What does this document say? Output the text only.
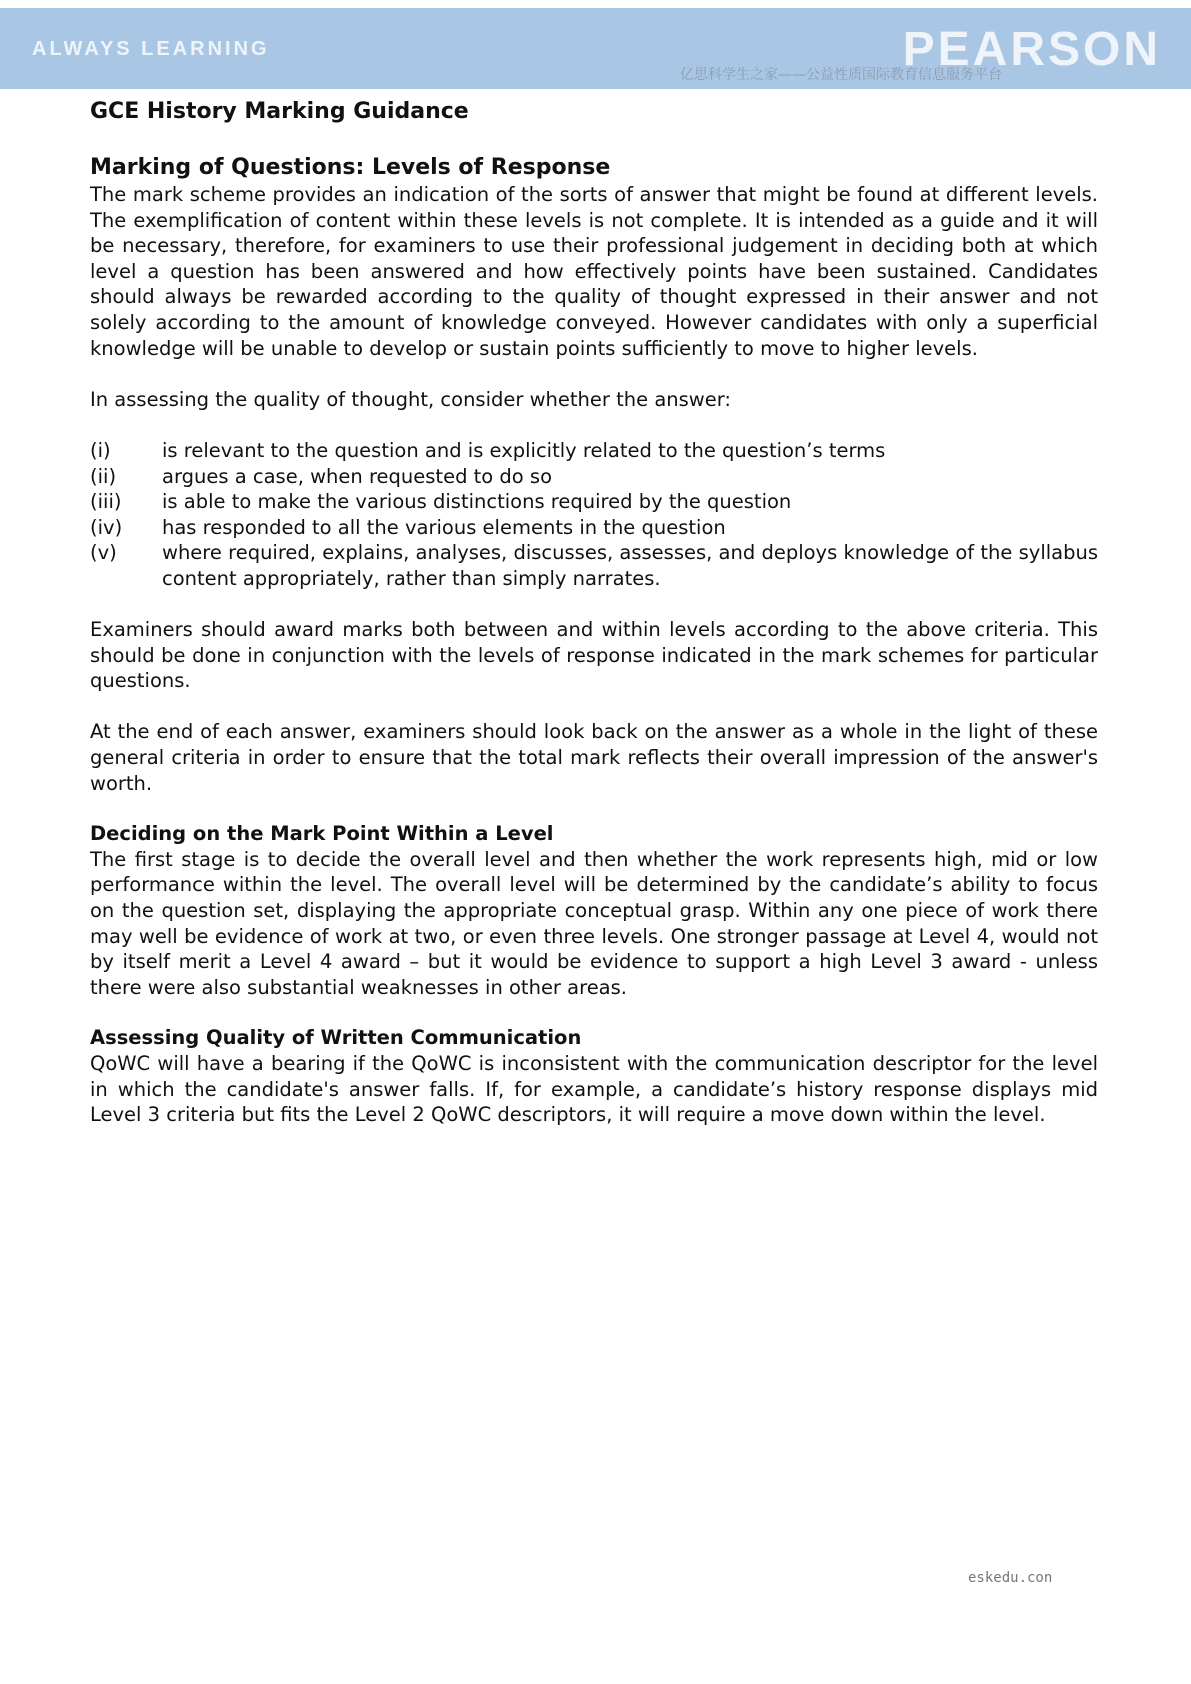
ALWAYS LEARNING	PEARSON
亿思科学生之家——公益性质国际教育信息服务平台
GCE History Marking Guidance
Marking of Questions: Levels of Response

The mark scheme provides an indication of the sorts of answer that might be found at different levels. The exemplification of content within these levels is not complete. It is intended as a guide and it will be necessary, therefore, for examiners to use their professional judgement in deciding both at which level a question has been answered and how effectively points have been sustained. Candidates should always be rewarded according to the quality of thought expressed in their answer and not solely according to the amount of knowledge conveyed. However candidates with only a superficial knowledge will be unable to develop or sustain points sufficiently to move to higher levels.

In assessing the quality of thought, consider whether the answer:

(i)	is relevant to the question and is explicitly related to the question’s terms
(ii)	argues a case, when requested to do so
(iii)	is able to make the various distinctions required by the question
(iv)	has responded to all the various elements in the question
(v)	where required, explains, analyses, discusses, assesses, and deploys knowledge of the syllabus content appropriately, rather than simply narrates.

Examiners should award marks both between and within levels according to the above criteria. This should be done in conjunction with the levels of response indicated in the mark schemes for particular questions.

At the end of each answer, examiners should look back on the answer as a whole in the light of these general criteria in order to ensure that the total mark reflects their overall impression of the answer's worth.

Deciding on the Mark Point Within a Level

The first stage is to decide the overall level and then whether the work represents high, mid or low performance within the level. The overall level will be determined by the candidate’s ability to focus on the question set, displaying the appropriate conceptual grasp. Within any one piece of work there may well be evidence of work at two, or even three levels. One stronger passage at Level 4, would not by itself merit a Level 4 award – but it would be evidence to support a high Level 3 award - unless there were also substantial weaknesses in other areas.

Assessing Quality of Written Communication

QoWC will have a bearing if the QoWC is inconsistent with the communication descriptor for the level in which the candidate's answer falls. If, for example, a candidate’s history response displays mid Level 3 criteria but fits the Level 2 QoWC descriptors, it will require a move down within the level.

eskedu.con
